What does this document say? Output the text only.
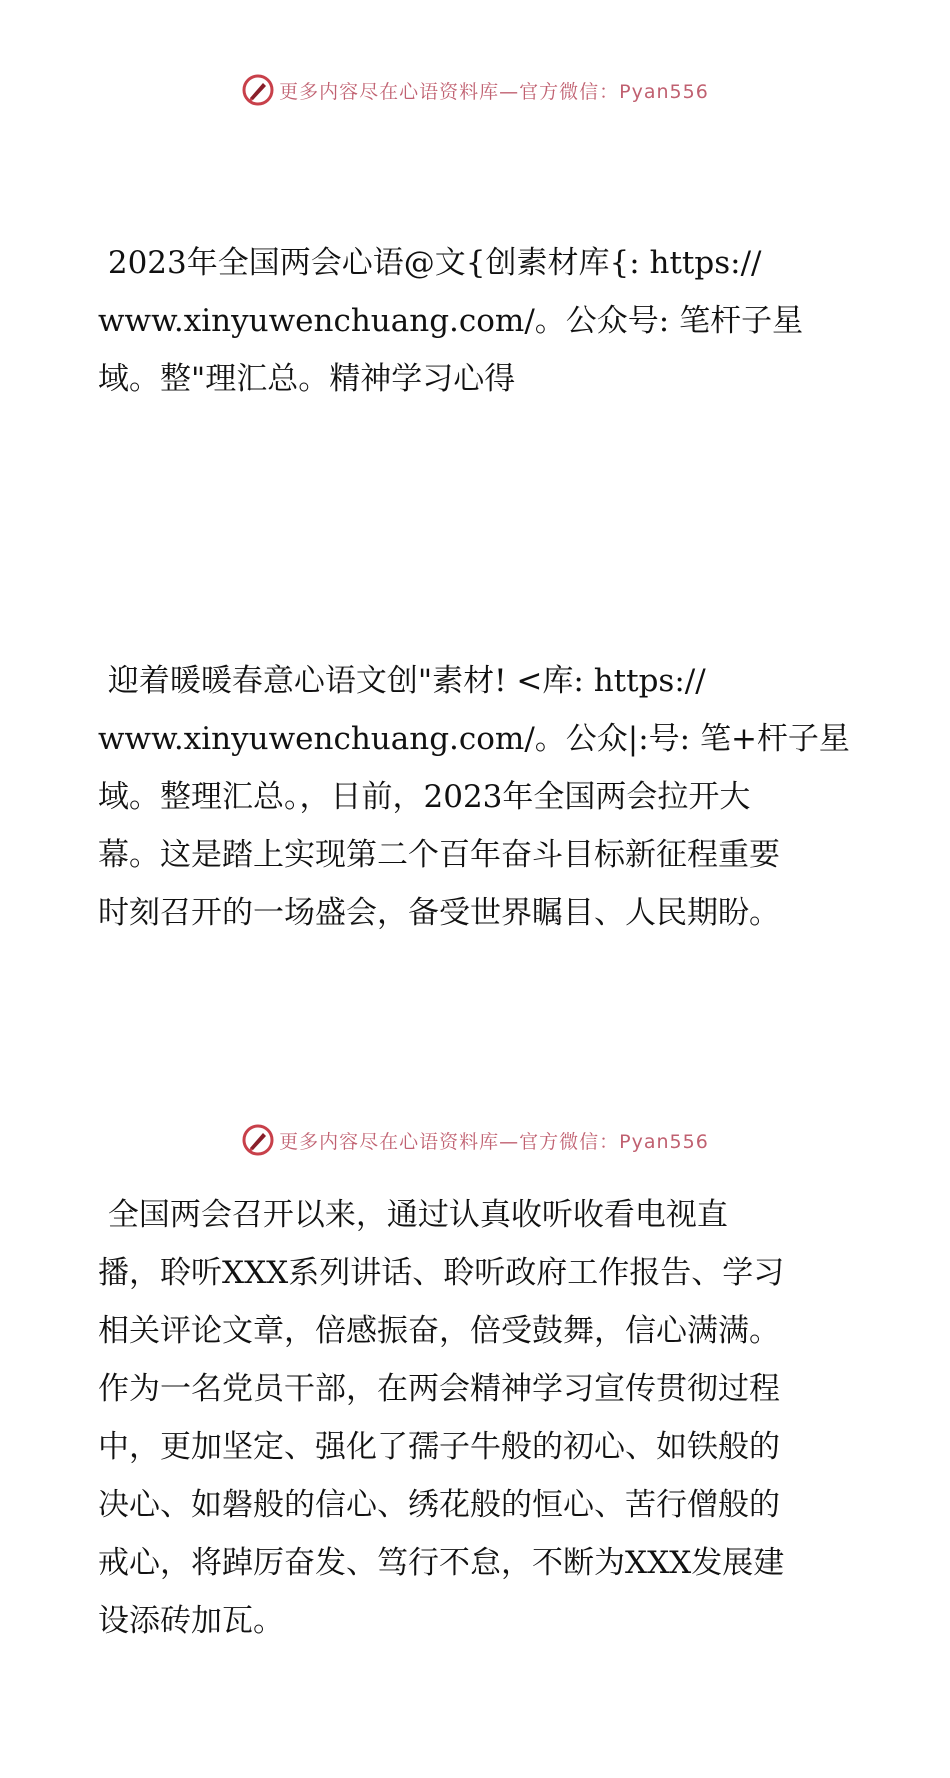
更多内容尽在心语资料库— 官方微信：Pyan556

2023年全国两会心语@文{创素材库{: https://
www.xinyuwenchuang.com/。公众号: 笔杆子星
域。整"理汇总。精神学习心得

迎着暖暖春意心语文创"素材! <库: https://
www.xinyuwenchuang.com/。公众|:号: 笔+杆子星
域。整理汇总。，日前，2023年全国两会拉开大
幕。这是踏上实现第二个百年奋斗目标新征程重要
时刻召开的一场盛会，备受世界瞩目、人民期盼。

全国两会召开以来，通过认真收听收看电视直
播，聆听XXX系列讲话、聆听政府工作报告、学习
相关评论文章，倍感振奋，倍受鼓舞，信心满满。
作为一名党员干部，在两会精神学习宣传贯彻过程
中，更加坚定、强化了孺子牛般的初心、如铁般的
决心、如磐般的信心、绣花般的恒心、苦行僧般的
戒心，将踔厉奋发、笃行不怠，不断为XXX发展建
设添砖加瓦。

更多内容尽在心语资料库— 官方微信：Pyan556
